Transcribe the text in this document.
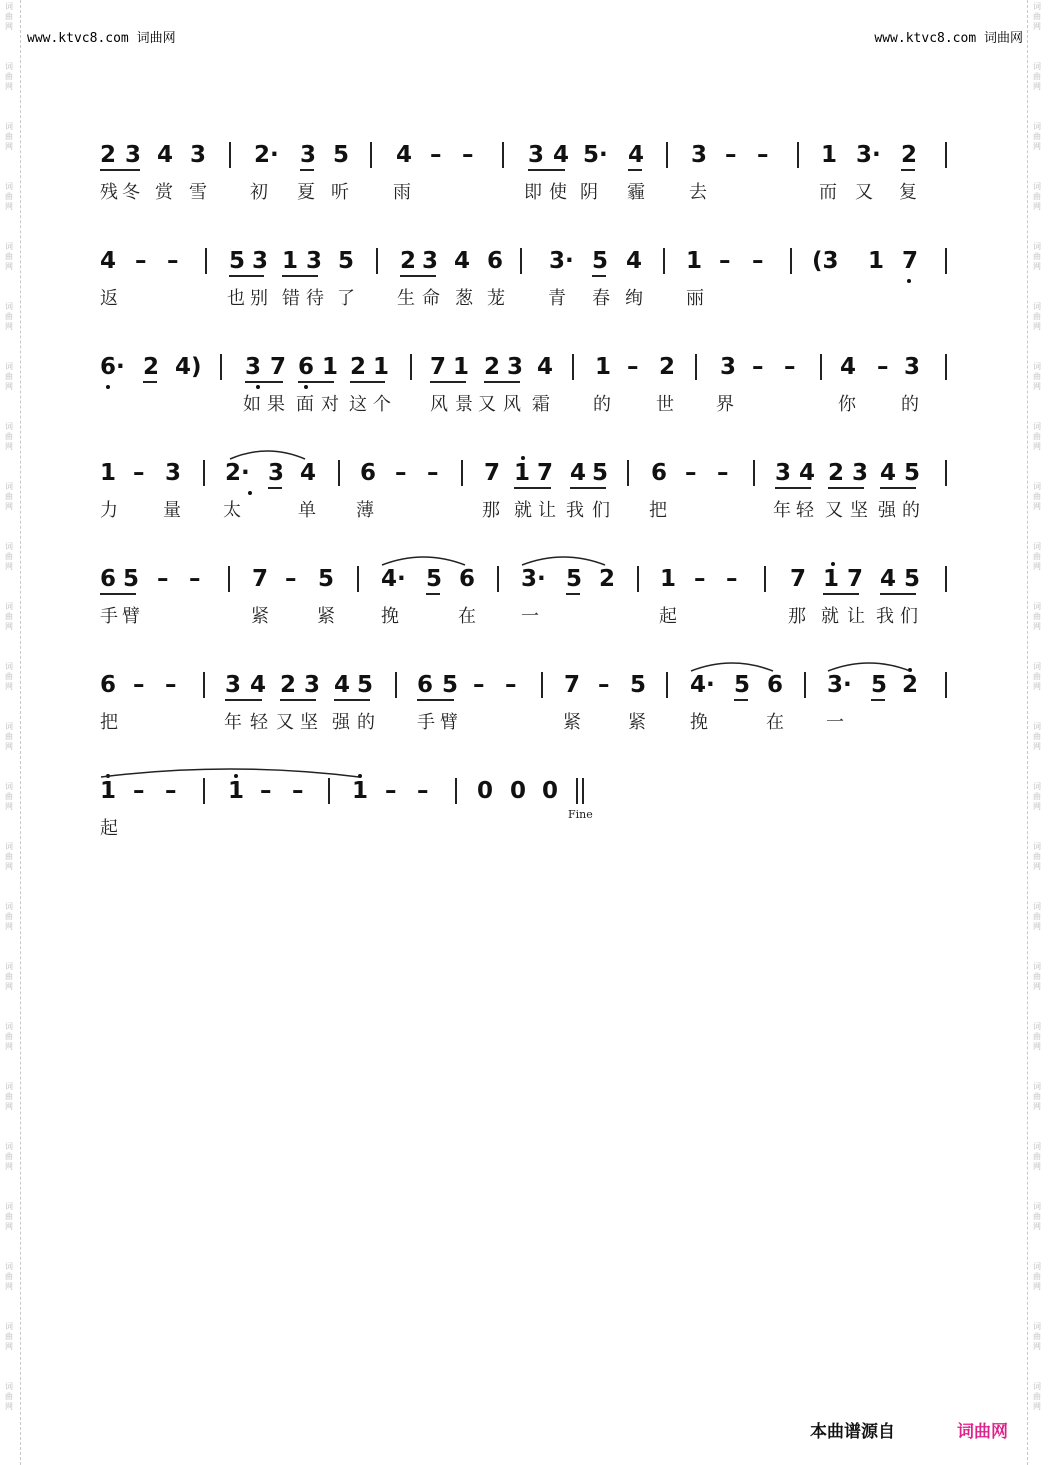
词
曲
网
词
曲
网
词
曲
网
词
曲
网
词
曲
网
词
曲
网
词
曲
网
词
曲
网
词
曲
网
词
曲
网
词
曲
网
词
曲
网
词
曲
网
词
曲
网
词
曲
网
词
曲
网
词
曲
网
词
曲
网
词
曲
网
词
曲
网
词
曲
网
词
曲
网
词
曲
网
词
曲
网
词
曲
网
词
曲
网
词
曲
网
词
曲
网
词
曲
网
词
曲
网
词
曲
网
词
曲
网
词
曲
网
词
曲
网
词
曲
网
词
曲
网
词
曲
网
词
曲
网
词
曲
网
词
曲
网
词
曲
网
词
曲
网
词
曲
网
词
曲
网
词
曲
网
词
曲
网
词
曲
网
词
曲
网
www.ktvc8.com 词曲网	www.ktvc8.com 词曲网
2 3 4 3 2· 3 5 4 – – 3 4 5· 4 3 – – 1 3· 2
残 冬 赏 雪 初 夏 听 雨	即 使 阴 霾 去	而 又 复
4 – – 5 3 1 3 5 2 3 4 6 3· 5 4 1 – – (3 1 7
返	也 别 错 待 了 生 命 葱 茏 青 春 绚 丽
6· 2 4) 3 7 6 1 2 1 7 1 2 3 4 1 – 2 3 – – 4 – 3
如 果 面 对 这 个 风 景 又 风 霜 的	世 界	你	的
1 – 3 2· 3 4 6 – – 7 1 7 4 5 6 – – 3 4 2 3 4 5
力	量 太	单 薄	那 就 让 我 们 把	年 轻 又 坚 强 的
6 5 – – 7 – 5 4· 5 6 3· 5 2 1 – – 7 1 7 4 5
手 臂	紧	紧	挽	在	一	起	那 就 让 我 们
6 – – 3 4 2 3 4 5 6 5 – – 7 – 5 4· 5 6 3· 5 2
把	年 轻 又 坚 强 的 手 臂	紧	紧 挽	在 一
1 – – 1 – – 1 – – 0 0 0
起
Fine
本曲谱源自	词曲网
